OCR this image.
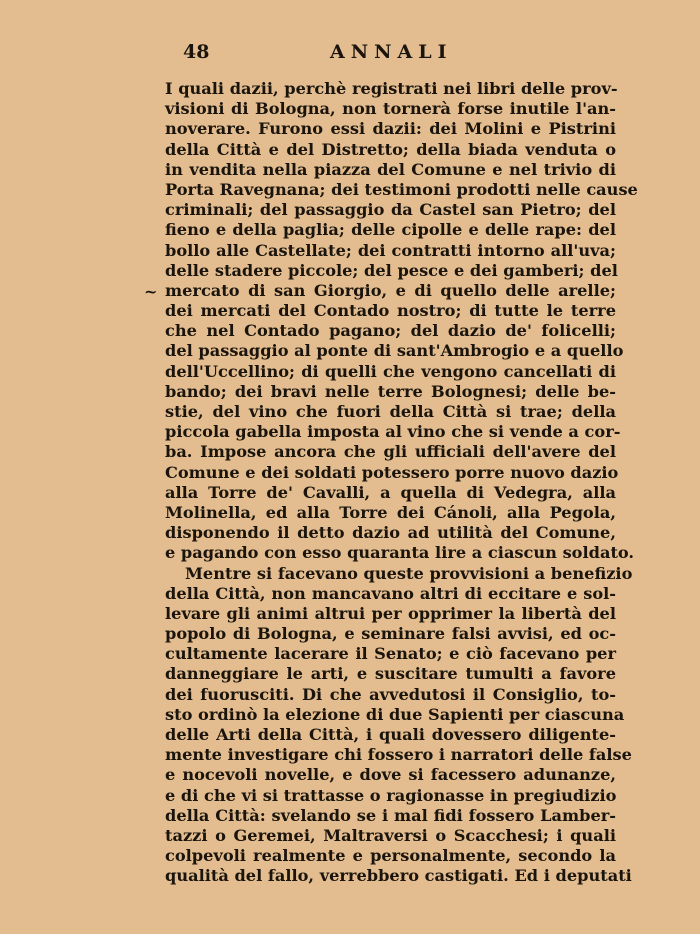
48	ANNALI
~
I quali dazii, perchè registrati nei libri delle prov-
visioni di Bologna, non tornerà forse inutile l'an-
noverare. Furono essi dazii: dei Molini e Pistrini
della Città e del Distretto; della biada venduta o
in vendita nella piazza del Comune e nel trivio di
Porta Ravegnana; dei testimoni prodotti nelle cause
criminali; del passaggio da Castel san Pietro; del
fieno e della paglia; delle cipolle e delle rape: del
bollo alle Castellate; dei contratti intorno all'uva;
delle stadere piccole; del pesce e dei gamberi; del
mercato di san Giorgio, e di quello delle arelle;
dei mercati del Contado nostro; di tutte le terre
che nel Contado pagano; del dazio de' folicelli;
del passaggio al ponte di sant'Ambrogio e a quello
dell'Uccellino; di quelli che vengono cancellati di
bando; dei bravi nelle terre Bolognesi; delle be-
stie, del vino che fuori della Città si trae; della
piccola gabella imposta al vino che si vende a cor-
ba. Impose ancora che gli ufficiali dell'avere del
Comune e dei soldati potessero porre nuovo dazio
alla Torre de' Cavalli, a quella di Vedegra, alla
Molinella, ed alla Torre dei Cánoli, alla Pegola,
disponendo il detto dazio ad utilità del Comune,
e pagando con esso quaranta lire a ciascun soldato.
Mentre si facevano queste provvisioni a benefizio
della Città, non mancavano altri di eccitare e sol-
levare gli animi altrui per opprimer la libertà del
popolo di Bologna, e seminare falsi avvisi, ed oc-
cultamente lacerare il Senato; e ciò facevano per
danneggiare le arti, e suscitare tumulti a favore
dei fuorusciti. Di che avvedutosi il Consiglio, to-
sto ordinò la elezione di due Sapienti per ciascuna
delle Arti della Città, i quali dovessero diligente-
mente investigare chi fossero i narratori delle false
e nocevoli novelle, e dove si facessero adunanze,
e di che vi si trattasse o ragionasse in pregiudizio
della Città: svelando se i mal fidi fossero Lamber-
tazzi o Geremei, Maltraversi o Scacchesi; i quali
colpevoli realmente e personalmente, secondo la
qualità del fallo, verrebbero castigati. Ed i deputati
